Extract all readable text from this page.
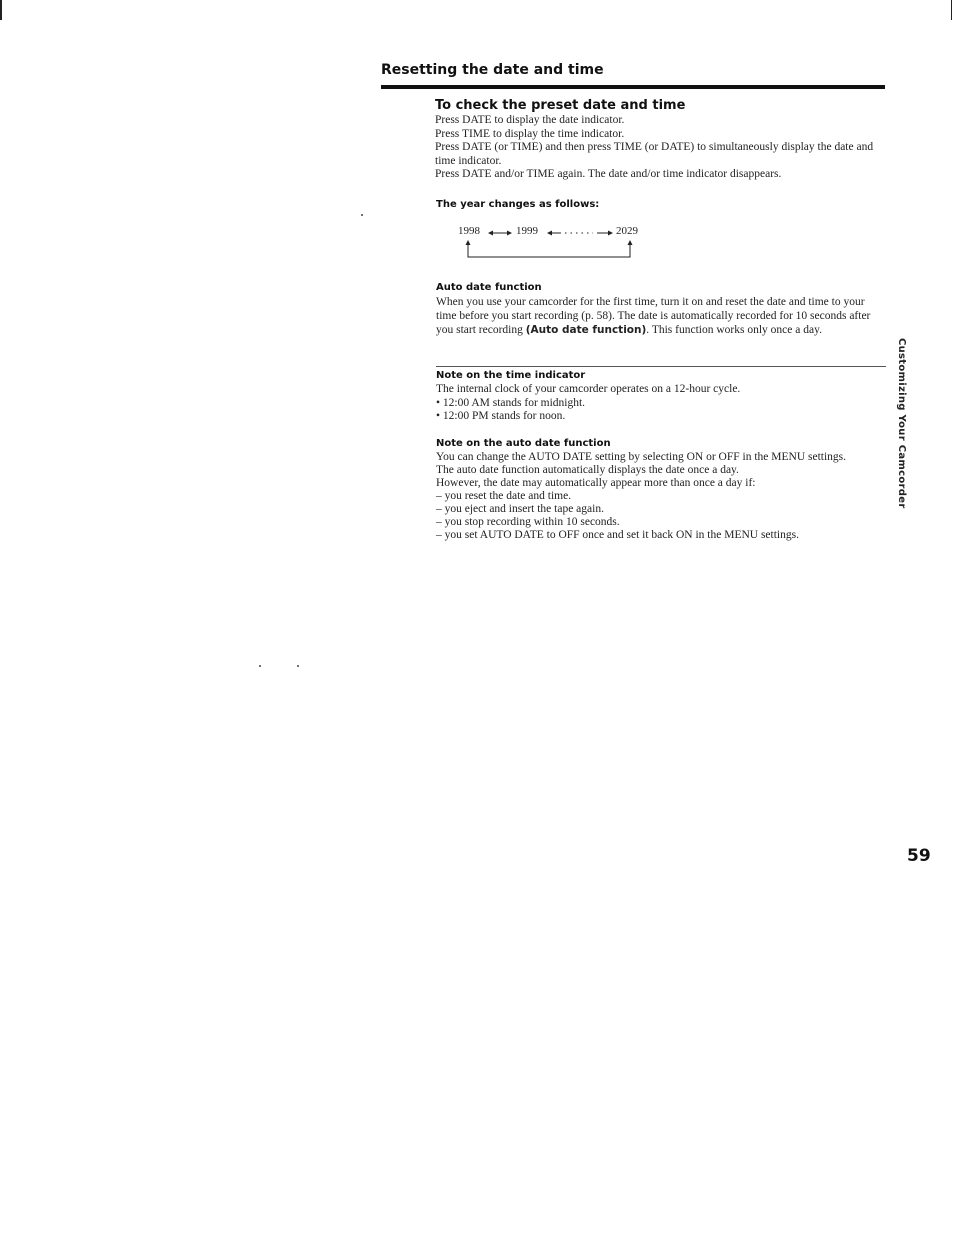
Resetting the date and time
To check the preset date and time

Press DATE to display the date indicator.

Press TIME to display the time indicator.

Press DATE (or TIME) and then press TIME (or DATE) to simultaneously display the date and time indicator.

Press DATE and/or TIME again. The date and/or time indicator disappears.

The year changes as follows:
1998	1999	2029
Auto date function
When you use your camcorder for the first time, turn it on and reset the date and time to your time before you start recording (p. 58). The date is automatically recorded for 10 seconds after you start recording (Auto date function). This function works only once a day.
Note on the time indicator

The internal clock of your camcorder operates on a 12-hour cycle.

• 12:00 AM stands for midnight.

• 12:00 PM stands for noon.

Note on the auto date function

You can change the AUTO DATE setting by selecting ON or OFF in the MENU settings.

The auto date function automatically displays the date once a day.

However, the date may automatically appear more than once a day if:

– you reset the date and time.

– you eject and insert the tape again.

– you stop recording within 10 seconds.

– you set AUTO DATE to OFF once and set it back ON in the MENU settings.

Customizing Your Camcorder
59
